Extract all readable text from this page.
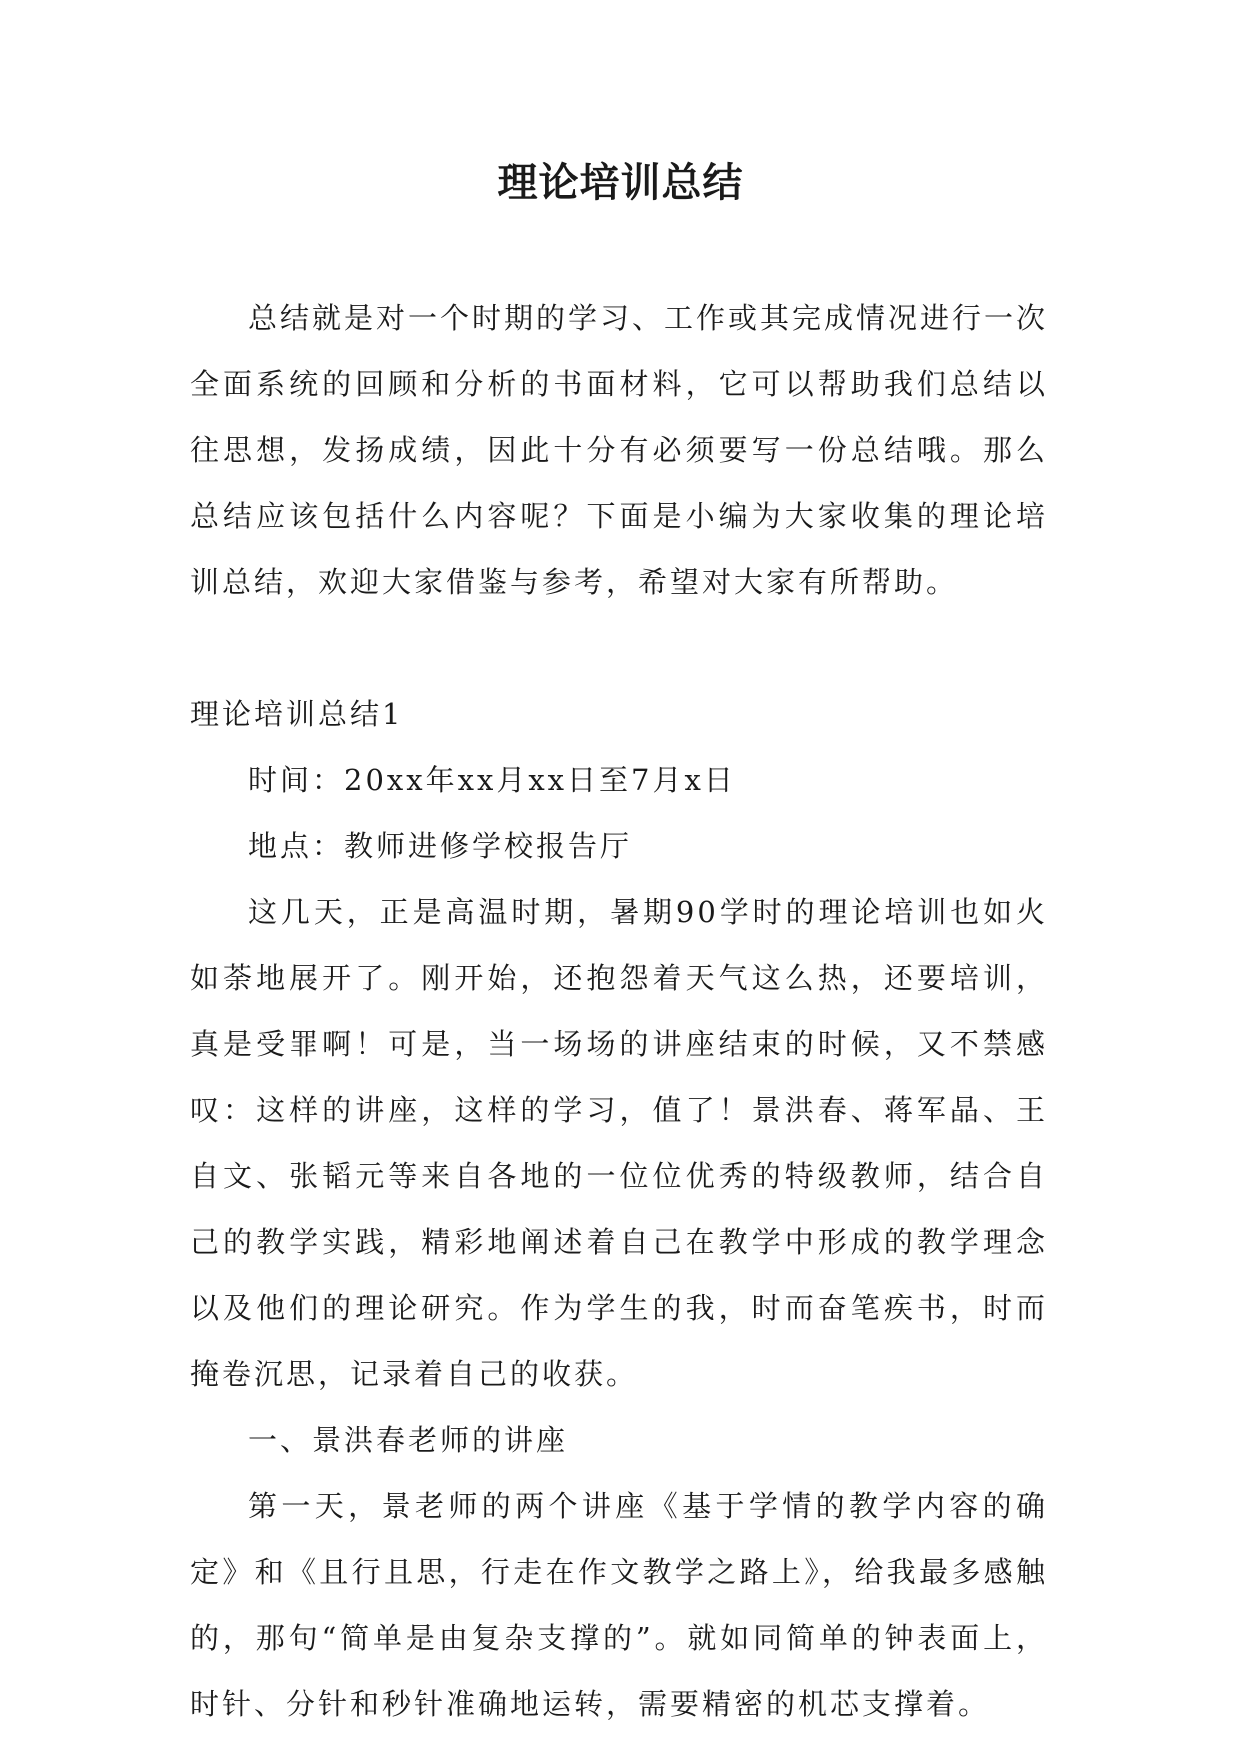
理论培训总结

总结就是对一个时期的学习、工作或其完成情况进行一次全面系统的回顾和分析的书面材料，它可以帮助我们总结以往思想，发扬成绩，因此十分有必须要写一份总结哦。那么总结应该包括什么内容呢？下面是小编为大家收集的理论培训总结，欢迎大家借鉴与参考，希望对大家有所帮助。

理论培训总结1

时间：20xx年xx月xx日至7月x日

地点：教师进修学校报告厅

这几天，正是高温时期，暑期90学时的理论培训也如火如荼地展开了。刚开始，还抱怨着天气这么热，还要培训，真是受罪啊！可是，当一场场的讲座结束的时候，又不禁感叹：这样的讲座，这样的学习，值了！景洪春、蒋军晶、王自文、张韬元等来自各地的一位位优秀的特级教师，结合自己的教学实践，精彩地阐述着自己在教学中形成的教学理念以及他们的理论研究。作为学生的我，时而奋笔疾书，时而掩卷沉思，记录着自己的收获。

一、景洪春老师的讲座

第一天，景老师的两个讲座《基于学情的教学内容的确定》和《且行且思，行走在作文教学之路上》，给我最多感触的，那句“简单是由复杂支撑的”。就如同简单的钟表面上，时针、分针和秒针准确地运转，需要精密的机芯支撑着。
